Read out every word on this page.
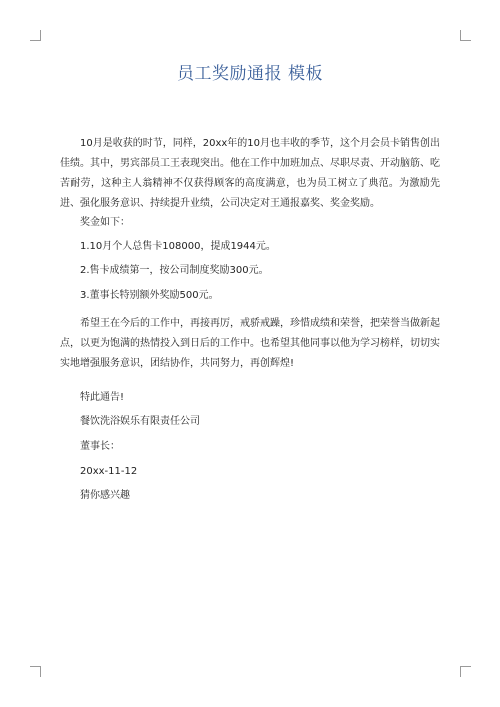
员工奖励通报 模板

10月是收获的时节，同样，20xx年的10月也丰收的季节，这个月会员卡销售创出佳绩。其中，男宾部员工王表现突出。他在工作中加班加点、尽职尽责、开动脑筋、吃苦耐劳，这种主人翁精神不仅获得顾客的高度满意，也为员工树立了典范。为激励先进、强化服务意识、持续提升业绩，公司决定对王通报嘉奖、奖金奖励。

奖金如下：

1.10月个人总售卡108000，提成1944元。

2.售卡成绩第一，按公司制度奖励300元。

3.董事长特别额外奖励500元。

希望王在今后的工作中，再接再厉，戒骄戒躁，珍惜成绩和荣誉，把荣誉当做新起点，以更为饱满的热情投入到日后的工作中。也希望其他同事以他为学习榜样，切切实实地增强服务意识，团结协作，共同努力，再创辉煌!

特此通告!

餐饮洗浴娱乐有限责任公司

董事长：

20xx-11-12

猜你感兴趣
